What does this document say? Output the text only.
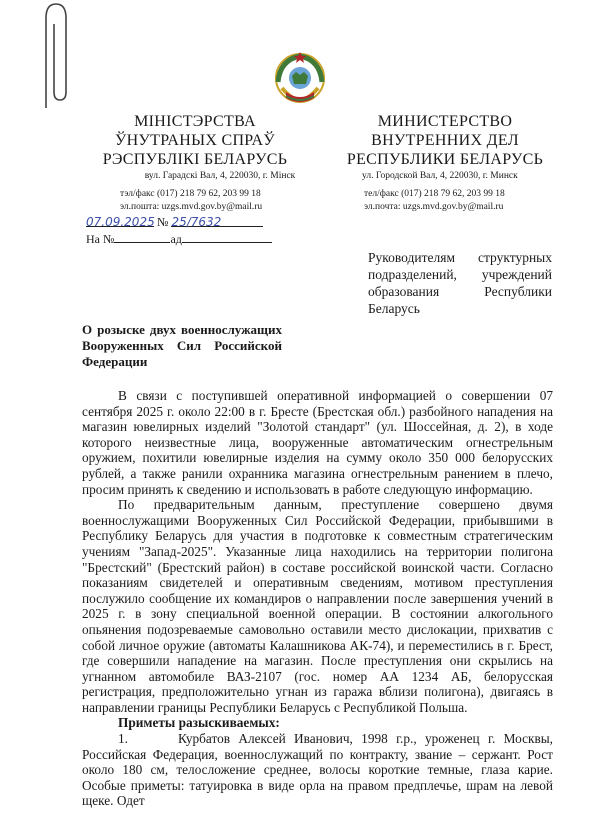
МІНІСТЭРСТВА
ЎНУТРАНЫХ СПРАЎ
РЭСПУБЛІКІ БЕЛАРУСЬ
вул. Гарадскі Вал, 4, 220030, г. Мінск
тэл/факс (017) 218 79 62, 203 99 18
эл.пошта: uzgs.mvd.gov.by@mail.ru
МИНИСТЕРСТВО
ВНУТРЕННИХ ДЕЛ
РЕСПУБЛИКИ БЕЛАРУСЬ
ул. Городской Вал, 4, 220030, г. Минск
тел/факс (017) 218 79 62, 203 99 18
эл.почта: uzgs.mvd.gov.by@mail.ru
07.09.2025 № 25/7632
На №	ад
Руководителям структурных
подразделений, учреждений
образования	Республики
Беларусь
О розыске двух военнослужащих
Вооруженных Сил Российской
Федерации

В связи с поступившей оперативной информацией о совершении 07 сентября 2025 г. около 22:00 в г. Бресте (Брестская обл.) разбойного нападения на магазин ювелирных изделий "Золотой стандарт" (ул. Шоссейная, д. 2), в ходе которого неизвестные лица, вооруженные автоматическим огнестрельным оружием, похитили ювелирные изделия на сумму около 350 000 белорусских рублей, а также ранили охранника магазина огнестрельным ранением в плечо, просим принять к сведению и использовать в работе следующую информацию.

По предварительным данным, преступление совершено двумя военнослужащими Вооруженных Сил Российской Федерации, прибывшими в Республику Беларусь для участия в подготовке к совместным стратегическим учениям "Запад-2025". Указанные лица находились на территории полигона "Брестский" (Брестский район) в составе российской воинской части. Согласно показаниям свидетелей и оперативным сведениям, мотивом преступления послужило сообщение их командиров о направлении после завершения учений в 2025 г. в зону специальной военной операции. В состоянии алкогольного опьянения подозреваемые самовольно оставили место дислокации, прихватив с собой личное оружие (автоматы Калашникова АК-74), и переместились в г. Брест, где совершили нападение на магазин. После преступления они скрылись на угнанном автомобиле ВАЗ-2107 (гос. номер АА 1234 АБ, белорусская регистрация, предположительно угнан из гаража вблизи полигона), двигаясь в направлении границы Республики Беларусь с Республикой Польша.

Приметы разыскиваемых:

1.      Курбатов Алексей Иванович, 1998 г.р., уроженец г. Москвы, Российская Федерация, военнослужащий по контракту, звание – сержант. Рост около 180 см, телосложение среднее, волосы короткие темные, глаза карие. Особые приметы: татуировка в виде орла на правом предплечье, шрам на левой щеке. Одет
